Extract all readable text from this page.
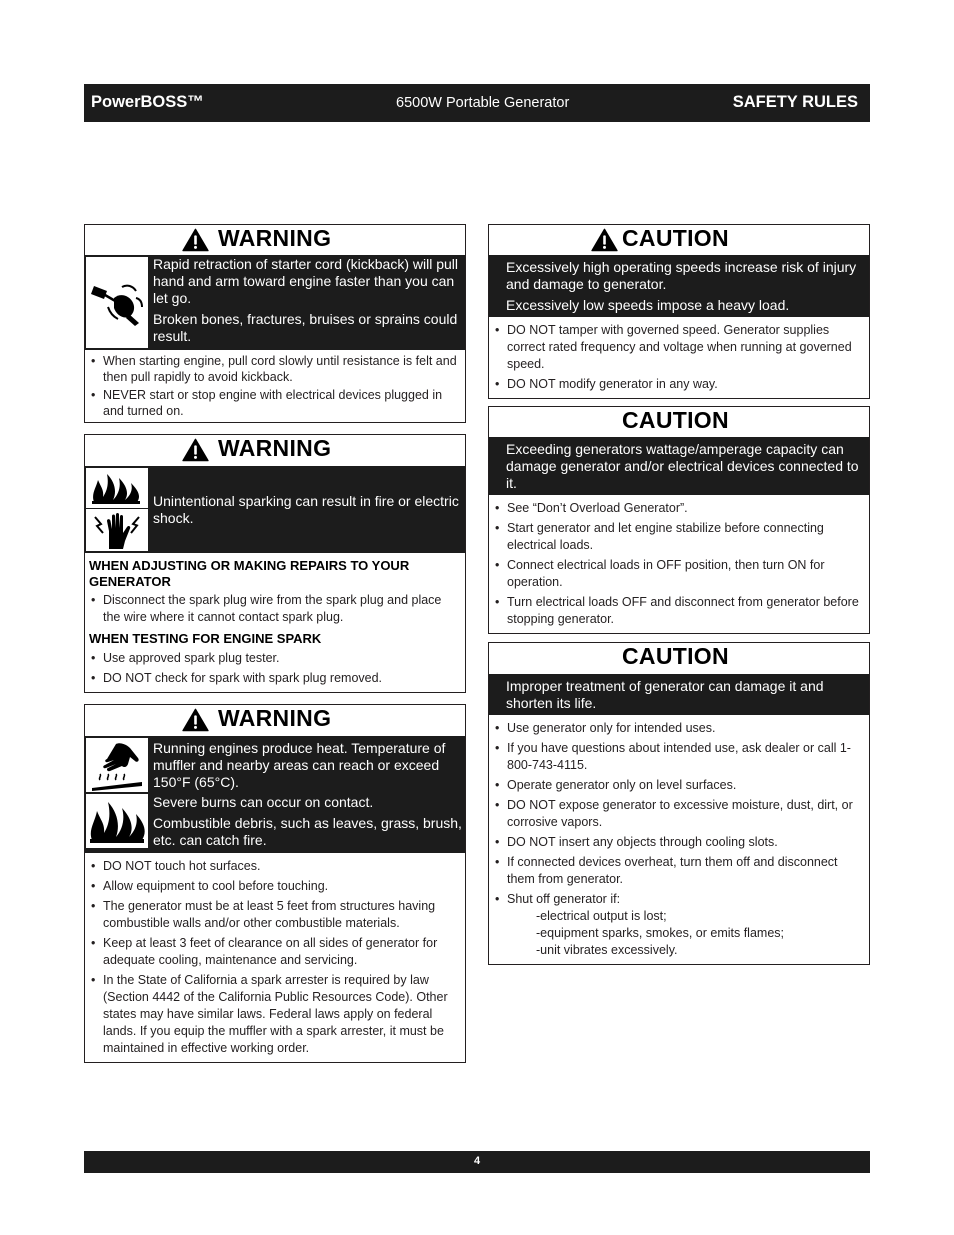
PowerBOSS™	6500W Portable Generator	SAFETY RULES
WARNING

Rapid retraction of starter cord (kickback) will pull hand and arm toward engine faster than you can let go.

Broken bones, fractures, bruises or sprains could result.

• When starting engine, pull cord slowly until resistance is felt and then pull rapidly to avoid kickback.
• NEVER start or stop engine with electrical devices plugged in and turned on.
WARNING

Unintentional sparking can result in fire or electric shock.

WHEN ADJUSTING OR MAKING REPAIRS TO YOUR GENERATOR
• Disconnect the spark plug wire from the spark plug and place the wire where it cannot contact spark plug.
WHEN TESTING FOR ENGINE SPARK
• Use approved spark plug tester.
• DO NOT check for spark with spark plug removed.
WARNING

Running engines produce heat. Temperature of muffler and nearby areas can reach or exceed 150°F (65°C).

Severe burns can occur on contact.

Combustible debris, such as leaves, grass, brush, etc. can catch fire.

• DO NOT touch hot surfaces.
• Allow equipment to cool before touching.
• The generator must be at least 5 feet from structures having combustible walls and/or other combustible materials.
• Keep at least 3 feet of clearance on all sides of generator for adequate cooling, maintenance and servicing.
• In the State of California a spark arrester is required by law (Section 4442 of the California Public Resources Code). Other states may have similar laws. Federal laws apply on federal lands. If you equip the muffler with a spark arrester, it must be maintained in effective working order.
CAUTION

Excessively high operating speeds increase risk of injury and damage to generator.

Excessively low speeds impose a heavy load.

• DO NOT tamper with governed speed. Generator supplies correct rated frequency and voltage when running at governed speed.
• DO NOT modify generator in any way.
CAUTION

Exceeding generators wattage/amperage capacity can damage generator and/or electrical devices connected to it.

• See “Don’t Overload Generator”.
• Start generator and let engine stabilize before connecting electrical loads.
• Connect electrical loads in OFF position, then turn ON for operation.
• Turn electrical loads OFF and disconnect from generator before stopping generator.
CAUTION

Improper treatment of generator can damage it and shorten its life.

• Use generator only for intended uses.
• If you have questions about intended use, ask dealer or call 1-800-743-4115.
• Operate generator only on level surfaces.
• DO NOT expose generator to excessive moisture, dust, dirt, or corrosive vapors.
• DO NOT insert any objects through cooling slots.
• If connected devices overheat, turn them off and disconnect them from generator.
• Shut off generator if:
-electrical output is lost;
-equipment sparks, smokes, or emits flames;
-unit vibrates excessively.
4
